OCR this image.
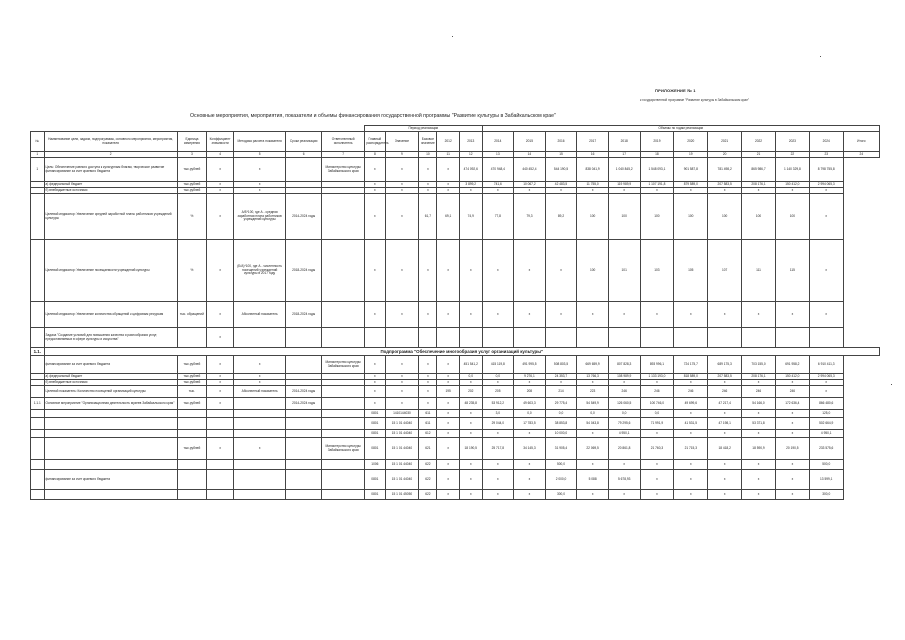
ПРИЛОЖЕНИЕ № 1
к государственной программе "Развитие культуры в Забайкальском крае"
Основные мероприятия, мероприятия, показатели и объемы финансирования государственной программы "Развитие культуры в Забайкальском крае"
							Период реализации					Объемы по годам реализации											
№	Наименование цели, задачи, подпрограммы, основного мероприятия, мероприятия, показателя	Единица измерения	Коэффициент значимости	Методика расчета показателя	Сроки реализации	Ответственный исполнитель	Главный распорядитель	Значение	Базовое значение	2012	2013	2014	2015	2016	2017	2018	2019	2020	2021	2022	2023	2024	Итого
1	2	3	4	5	6	7	8	9	10	11	12	13	14	15	16	17	18	19	20	21	22	23	24
1	Цель: Обеспечение равного доступа к культурным благам, творческое развитие финансирование за счет краевого бюджета	тыс.рублей	x	x		Министерство культуры Забайкальского края	x	x	x	x	474 092,6	470 948,4	440 452,4	544 190,5	838 041,9	1 040 845,2	1 548 093,1	901 587,8	781 498,2	865 986,7	1 140 329,8	8 798 755,8	
	а) федеральный бюджет	тыс.рублей	x	x			x	x	x	x	3 899,2	741,6	10 067,2	42 483,5	11 755,0	119 989,9	1 107 191,8	879 589,0	207 583,5	208 176,1	150 412,0	2 994 065,3	
	б) внебюджетные источники	тыс.рублей	x	x			x	x	x	x	x	x	x	x	x	x	x	x	x	x	x	x	
	Целевой индикатор: Увеличение средней заработной платы работников учреждений культуры	%	x	А/Б*100, где А - средняя заработная плата работников учреждений культуры	2014-2024 годы		x	x	61,7	69,1	74,9	77,8	79,3	89,2	100	100	100	100	100	100	100	x	
	Целевой индикатор: Увеличение посещаемости учреждений культуры	%	x	(Б/А)*100, где А - численность посещений учреждений культуры в 2017 году	2018-2024 годы		x	x	x	x	x	x	x	x	100	101	103	105	107	111	115	x	
	Целевой индикатор: Увеличение количества обращений к цифровым ресурсам	тыс. обращений	x	Абсолютный показатель	2018-2024 годы		x	x	x	x	x	x	x	x	x	x	x	x	x	x	x	x	
	Задача "Создание условий для повышения качества и разнообразия услуг, предоставляемых в сфере культуры и искусства"		x																				
1.1.	Подпрограмма "Обеспечение многообразия услуг организаций культуры"																						
	финансирование за счет краевого бюджета	тыс.рублей	x	x		Министерство культуры Забайкальского края	x	x	x	x	451 541,2	415 119,8	491 995,5	508 803,5	669 659,9	807 828,3	893 996,1	724 175,7	689 175,3	703 155,0	691 958,2	6 910 411,3	
	а) федеральный бюджет	тыс.рублей	x	x			x	x	x	x	0,0	0,0	9 276,1	24 353,7	13 766,3	108 989,9	1 133 193,0	818 589,0	207 583,5	208 176,1	150 412,0	2 994 065,3	
	б) внебюджетные источники	тыс.рублей	x	x			x	x	x	x	x	x	x	x	x	x	x	x	x	x	x	x	
	Целевой показатель: Количество посещений организаций культуры	тыс.	x	Абсолютный показатель	2014-2024 годы		x	x	x	195	202	205	208	214	223	246	246	246	246	246	246	x	
1.1.1	Основное мероприятие "Организационная деятельность музеев Забайкальского края"	тыс.рублей	x		2014-2024 годы		x	x	x	x	48 235,8	53 912,2	49 603,3	29 775,4	54 549,9	126 060,5	100 746,0	49 699,6	47 217,4	54 166,0	172 636,4	866 480,6	
							0801	1410144030	611	x	x	3,0	0,0	0,0	0,0	0,0	0,0	x	x	x	x	125,0	
							0801	15 1 01 44040	611	x	x	29 044,0	17 783,5	38 853,8	54 043,8	79 295,6	71 991,9	41 531,5	47 198,1	53 371,8	x	502 664,9	
							0801	15 1 01 44040	612	x	x	x	x	10 000,0	x	4 950,1	x	x	x	x	x	4 950,1	
		тыс.рублей	x	x		Министерство культуры Забайкальского края	0801	15 1 01 44040	621	x	18 190,5	25 717,8	34 145,3	31 905,4	22 069,5	20 861,8	21 760,3	21 715,3	18 418,2	18 590,9	20 190,5	233 575,6	
							1006	15 1 01 44040	622	x	x	x	x	500,0	x	x	x	x	x	x	x	500,0	
	финансирование за счет краевого бюджета						0801	15 1 01 44040	622	x	x	x	x	2 000,0	5 088	5 678,93	x	x	x	x	x	13 599,1	
							0801	15 1 01 45050	622	x	x	x	x	300,0	x	x	x	x	x	x	x	300,0	
